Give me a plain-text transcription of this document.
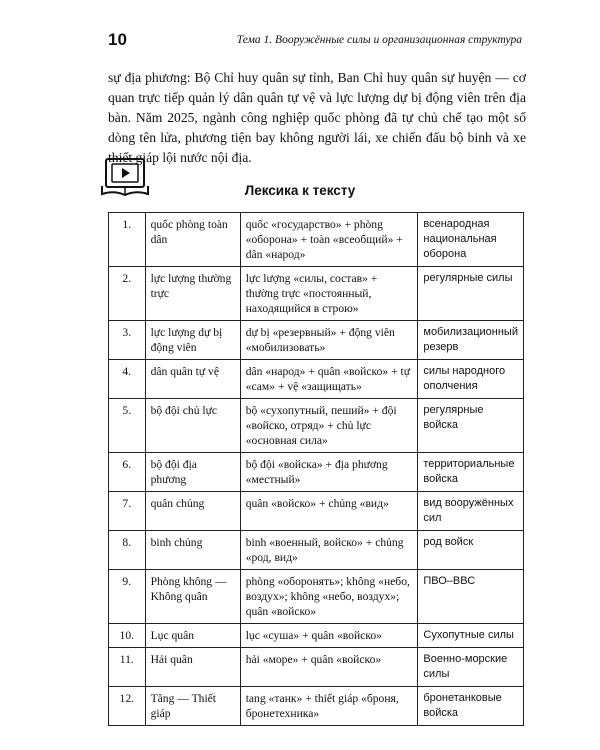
10	Тема 1. Вооружённые силы и организационная структура
sự địa phương: Bộ Chỉ huy quân sự tỉnh, Ban Chỉ huy quân sự huyện — cơ
quan trực tiếp quản lý dân quân tự vệ và lực lượng dự bị động viên trên địa
bàn. Năm 2025, ngành công nghiệp quốc phòng đã tự chủ chế tạo một số
dòng tên lửa, phương tiện bay không người lái, xe chiến đấu bộ binh và xe
thiết giáp lội nước nội địa.
Лексика к тексту
1.	quốc phòng toàn dân	quốc «государство» + phòng «оборона» + toàn «всеобщий» + dân «народ»	всенародная национальная оборона
2.	lực lượng thường trực	lực lượng «силы, состав» + thường trực «постоянный, находящийся в строю»	регулярные силы
3.	lực lượng dự bị động viên	dự bị «резервный» + động viên «мобилизовать»	мобилизационный резерв
4.	dân quân tự vệ	dân «народ» + quân «войско» + tự «сам» + vệ «защищать»	силы народного ополчения
5.	bộ đội chủ lực	bộ «сухопутный, пеший» + đội «войско, отряд» + chủ lực «основная сила»	регулярные войска
6.	bộ đội địa phương	bộ đội «войска» + địa phương «местный»	территориальные войска
7.	quân chủng	quân «войско» + chủng «вид»	вид вооружённых сил
8.	binh chủng	binh «военный, войско» + chủng «род, вид»	род войск
9.	Phòng không — Không quân	phòng «оборонять»; không «небо, воздух»; không «небо, воздух»; quân «войско»	ПВО–ВВС
10.	Lục quân	lục «суша» + quân «войско»	Сухопутные силы
11.	Hải quân	hải «море» + quân «войско»	Военно-морские силы
12.	Tăng — Thiết giáp	tang «танк» + thiết giáp «броня, бронетехника»	бронетанковые войска
